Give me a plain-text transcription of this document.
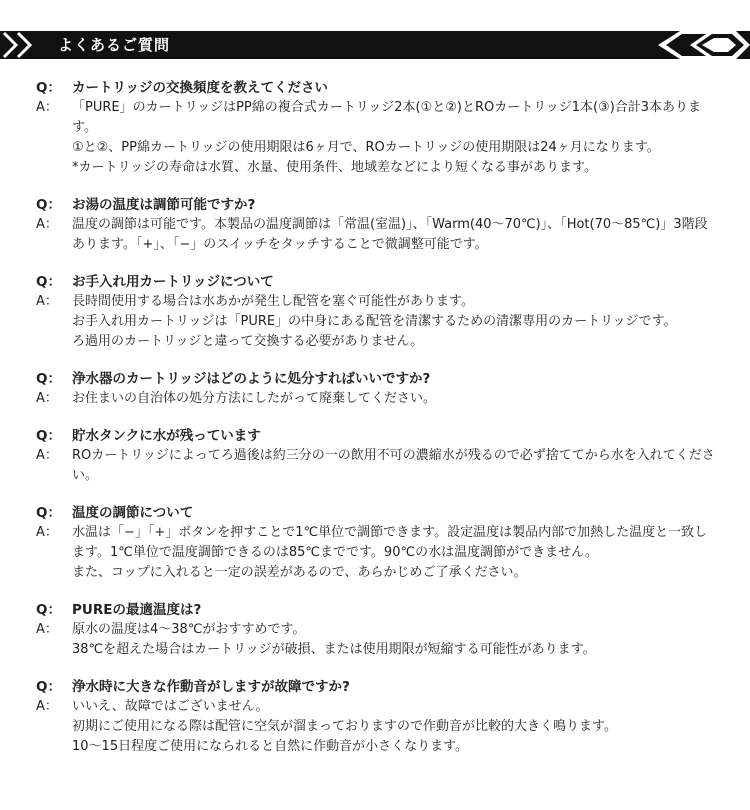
よくあるご質問
Q： カートリッジの交換頻度を教えてください
A：	「PURE」のカートリッジはPP綿の複合式カートリッジ2本(①と②)とROカートリッジ1本(③)合計3本あります。
①と②、PP綿カートリッジの使用期限は6ヶ月で、ROカートリッジの使用期限は24ヶ月になります。
*カートリッジの寿命は水質、水量、使用条件、地域差などにより短くなる事があります。
Q： お湯の温度は調節可能ですか?
A：	温度の調節は可能です。本製品の温度調節は「常温(室温)」、「Warm(40〜70℃)」、「Hot(70〜85℃)」3階段あります。「+」、「−」のスイッチをタッチすることで微調整可能です。
Q： お手入れ用カートリッジについて
A：	長時間使用する場合は水あかが発生し配管を塞ぐ可能性があります。
お手入れ用カートリッジは「PURE」の中身にある配管を清潔するための清潔専用のカートリッジです。
ろ過用のカートリッジと違って交換する必要がありません。
Q： 浄水器のカートリッジはどのように処分すればいいですか?
A：	お住まいの自治体の処分方法にしたがって廃棄してください。
Q： 貯水タンクに水が残っています
A：	ROカートリッジによってろ過後は約三分の一の飲用不可の濃縮水が残るので必ず捨ててから水を入れてください。
Q： 温度の調節について
A：	水温は「−」「+」ボタンを押すことで1℃単位で調節できます。設定温度は製品内部で加熱した温度と一致します。1℃単位で温度調節できるのは85℃までです。90℃の水は温度調節ができません。
また、コップに入れると一定の誤差があるので、あらかじめご了承ください。
Q： PUREの最適温度は?
A：	原水の温度は4〜38℃がおすすめです。
38℃を超えた場合はカートリッジが破損、または使用期限が短縮する可能性があります。
Q： 浄水時に大きな作動音がしますが故障ですか?
A：	いいえ、故障ではございません。
初期にご使用になる際は配管に空気が溜まっておりますので作動音が比較的大きく鳴ります。
10〜15日程度ご使用になられると自然に作動音が小さくなります。
